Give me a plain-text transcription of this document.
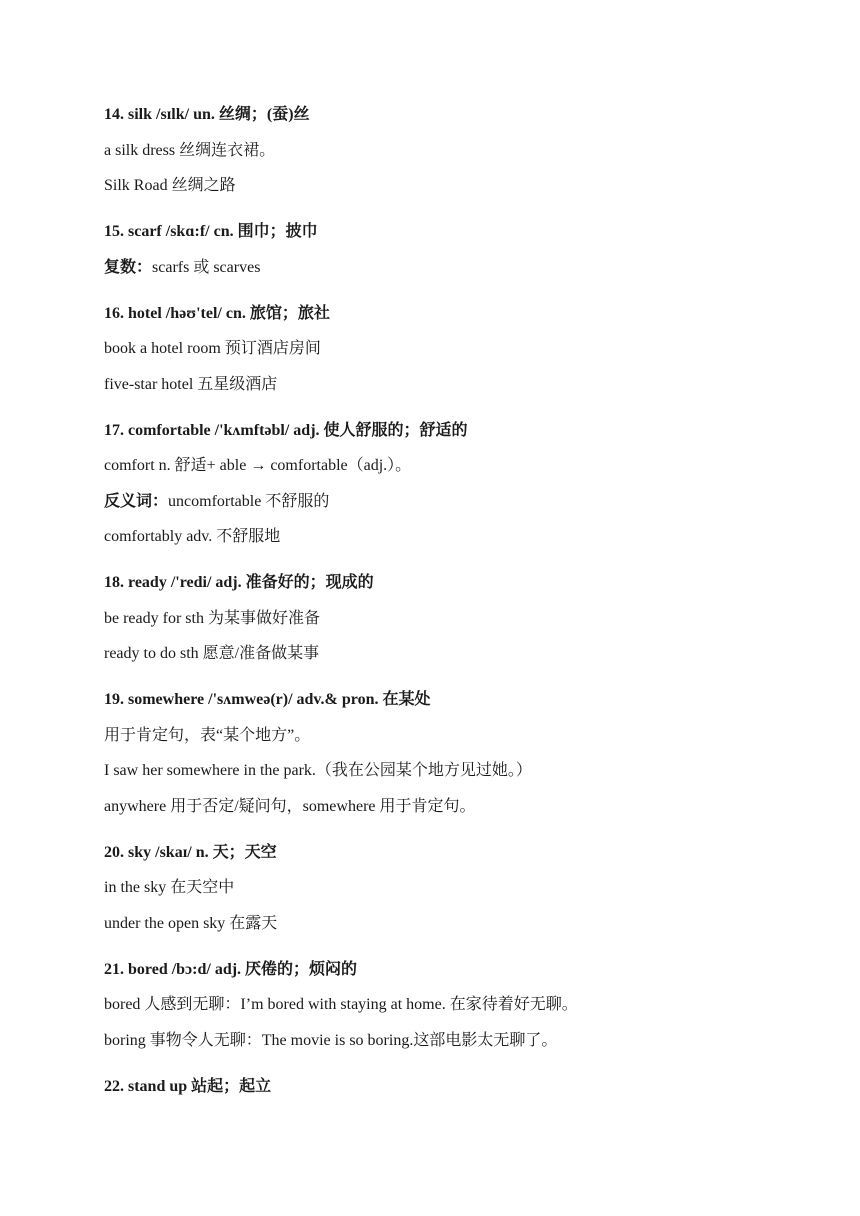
14. silk /sɪlk/ un. 丝绸；(蚕)丝
a silk dress 丝绸连衣裙。
Silk Road 丝绸之路
15. scarf /skɑ:f/ cn. 围巾；披巾
复数：scarfs 或 scarves
16. hotel /həʊ'tel/ cn. 旅馆；旅社
book a hotel room 预订酒店房间
five-star hotel 五星级酒店
17. comfortable /'kʌmftəbl/ adj. 使人舒服的；舒适的
comfort n. 舒适+ able → comfortable（adj.）。
反义词：uncomfortable 不舒服的
comfortably adv. 不舒服地
18. ready /'redi/ adj. 准备好的；现成的
be ready for sth 为某事做好准备
ready to do sth 愿意/准备做某事
19. somewhere /'sʌmweə(r)/ adv.& pron. 在某处
用于肯定句，表“某个地方”。
I saw her somewhere in the park.（我在公园某个地方见过她。）
anywhere 用于否定/疑问句，somewhere 用于肯定句。
20. sky /skaɪ/ n. 天；天空
in the sky 在天空中
under the open sky 在露天
21. bored /bɔ:d/ adj. 厌倦的；烦闷的
bored 人感到无聊：I’m bored with staying at home. 在家待着好无聊。
boring 事物令人无聊：The movie is so boring.这部电影太无聊了。
22. stand up 站起；起立
